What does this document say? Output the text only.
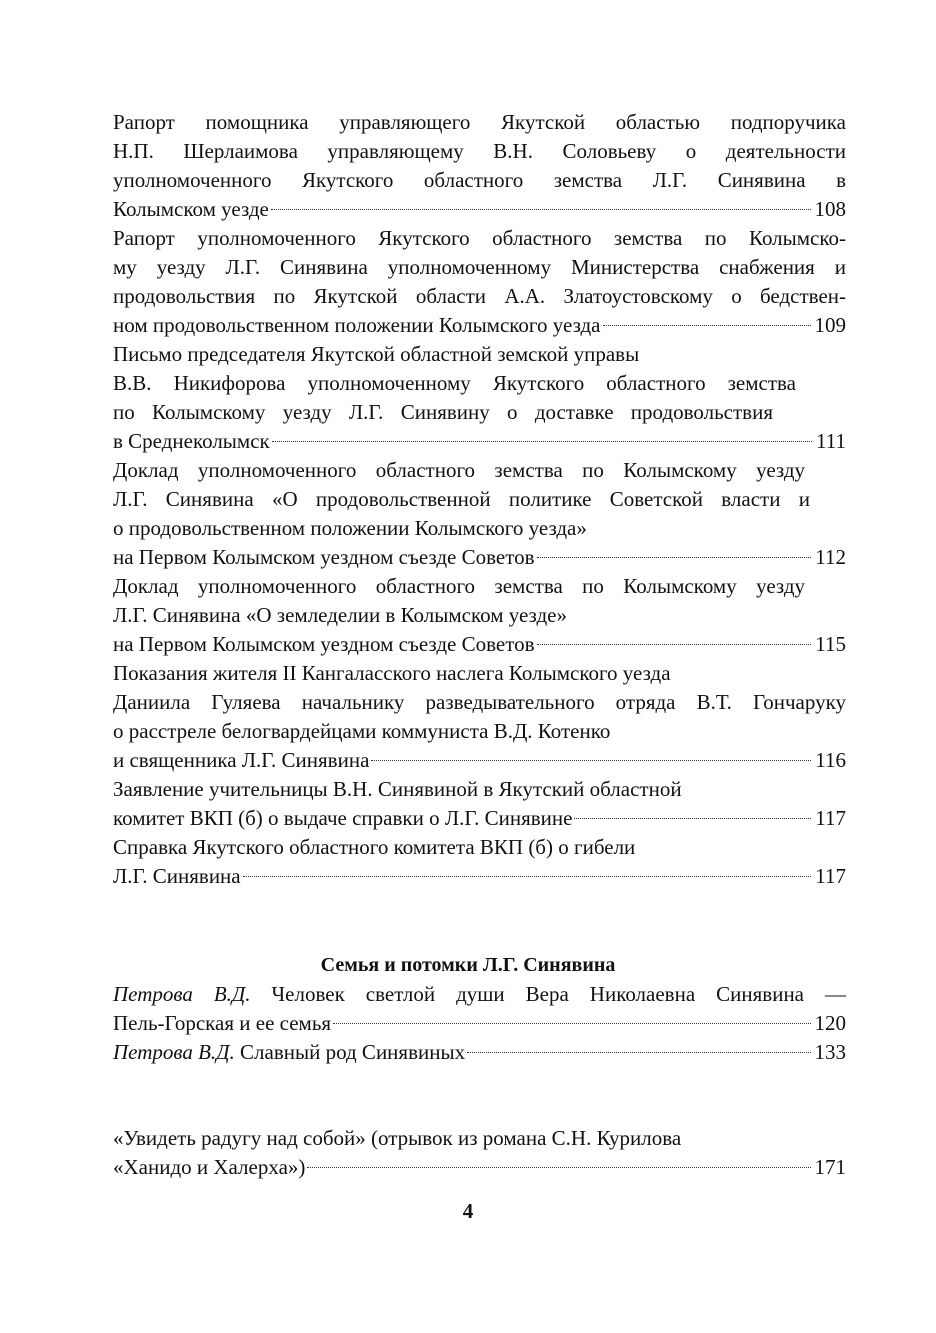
Рапорт помощника управляющего Якутской областью подпоручика
Н.П. Шерлаимова управляющему В.Н. Соловьеву о деятельности
уполномоченного Якутского областного земства Л.Г. Синявина в
Колымском уезде	108
Рапорт уполномоченного Якутского областного земства по Колымско-
му уезду Л.Г. Синявина уполномоченному Министерства снабжения и
продовольствия по Якутской области А.А. Златоустовскому о бедствен-
ном продовольственном положении Колымского уезда	109
Письмо председателя Якутской областной земской управы
В.В. Никифорова уполномоченному Якутского областного земства
по Колымскому уезду Л.Г. Синявину о доставке продовольствия
в Среднеколымск	111
Доклад уполномоченного областного земства по Колымскому уезду
Л.Г. Синявина «О продовольственной политике Советской власти и
о продовольственном положении Колымского уезда»
на Первом Колымском уездном съезде Советов	112
Доклад уполномоченного областного земства по Колымскому уезду
Л.Г. Синявина «О земледелии в Колымском уезде»
на Первом Колымском уездном съезде Советов	115
Показания жителя II Кангаласского наслега Колымского уезда
Даниила Гуляева начальнику разведывательного отряда В.Т. Гончаруку
о расстреле белогвардейцами коммуниста В.Д. Котенко
и священника Л.Г. Синявина	116
Заявление учительницы В.Н. Синявиной в Якутский областной
комитет ВКП (б) о выдаче справки о Л.Г. Синявине	117
Справка Якутского областного комитета ВКП (б) о гибели
Л.Г. Синявина	117
Семья и потомки Л.Г. Синявина
Петрова В.Д. Человек светлой души Вера Николаевна Синявина —
Пель-Горская и ее семья	120
Петрова В.Д. Славный род Синявиных	133
«Увидеть радугу над собой» (отрывок из романа С.Н. Курилова
«Ханидо и Халерха»)	171
4
